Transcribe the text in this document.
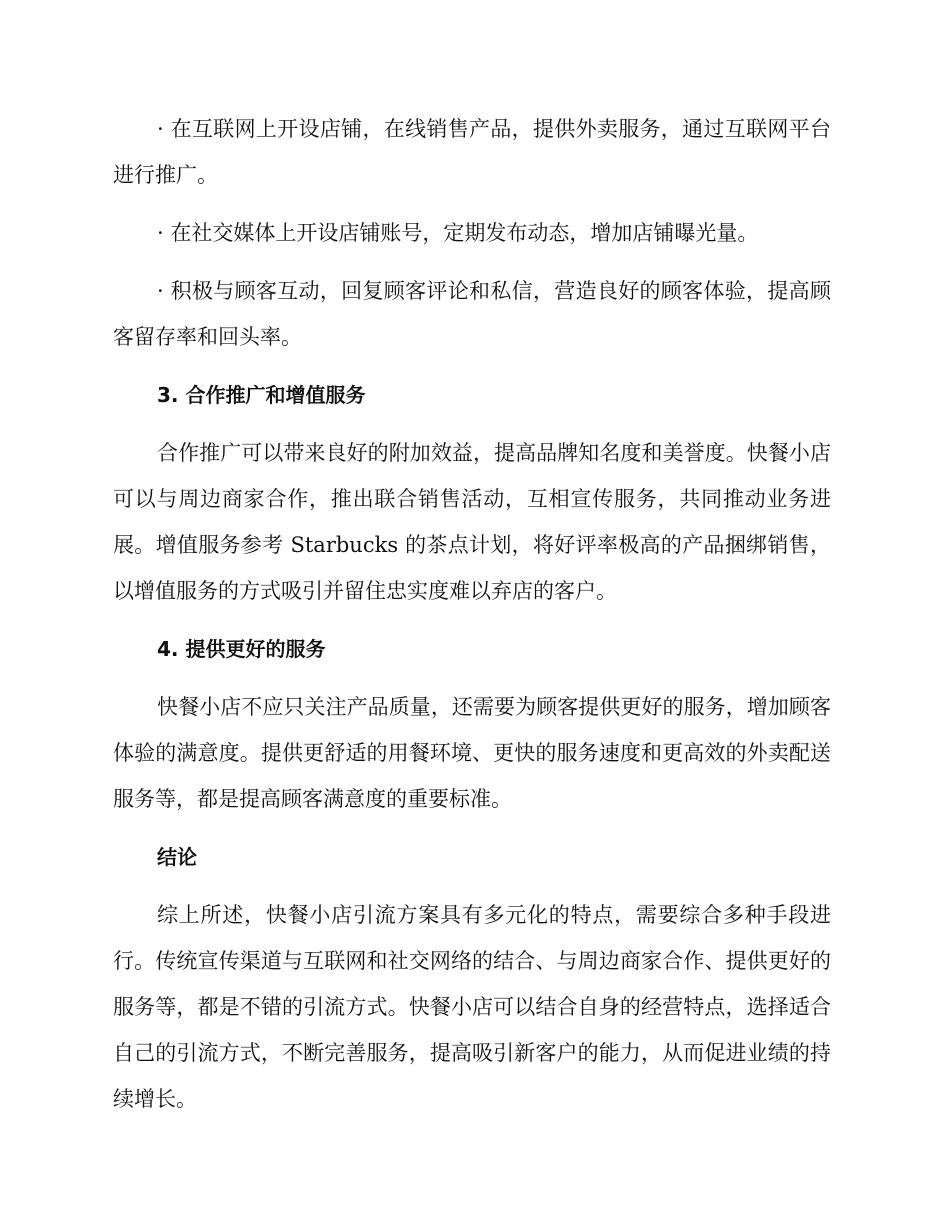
· 在互联网上开设店铺，在线销售产品，提供外卖服务，通过互联网平台进行推广。

· 在社交媒体上开设店铺账号，定期发布动态，增加店铺曝光量。

· 积极与顾客互动，回复顾客评论和私信，营造良好的顾客体验，提高顾客留存率和回头率。

3. 合作推广和增值服务

合作推广可以带来良好的附加效益，提高品牌知名度和美誉度。快餐小店可以与周边商家合作，推出联合销售活动，互相宣传服务，共同推动业务进展。增值服务参考 Starbucks 的茶点计划，将好评率极高的产品捆绑销售，以增值服务的方式吸引并留住忠实度难以弃店的客户。

4. 提供更好的服务

快餐小店不应只关注产品质量，还需要为顾客提供更好的服务，增加顾客体验的满意度。提供更舒适的用餐环境、更快的服务速度和更高效的外卖配送服务等，都是提高顾客满意度的重要标准。

结论

综上所述，快餐小店引流方案具有多元化的特点，需要综合多种手段进行。传统宣传渠道与互联网和社交网络的结合、与周边商家合作、提供更好的服务等，都是不错的引流方式。快餐小店可以结合自身的经营特点，选择适合自己的引流方式，不断完善服务，提高吸引新客户的能力，从而促进业绩的持续增长。
